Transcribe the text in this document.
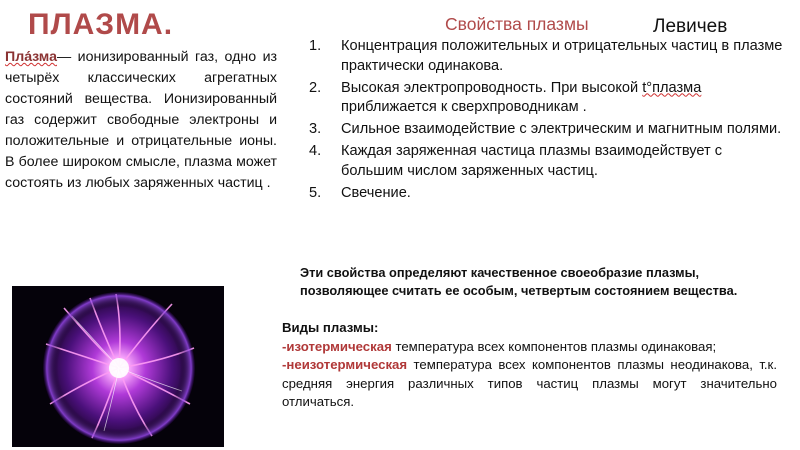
ПЛАЗМА.
Пла́зма— ионизированный газ, одно из четырёх классических агрегатных состояний вещества. Ионизированный газ содержит свободные электроны и положительные и отрицательные ионы. В более широком смысле, плазма может состоять из любых заряженных частиц .
Свойства плазмы	Левичев
1. Концентрация положительных и отрицательных частиц в плазме практически одинакова.
2. Высокая электропроводность. При высокой t°плазма приближается к сверхпроводникам .
3. Сильное взаимодействие с электрическим и магнитным полями.
4. Каждая заряженная частица плазмы взаимодействует с большим числом заряженных частиц.
5. Свечение.
Эти свойства определяют качественное своеобразие плазмы, позволяющее считать ее особым, четвертым состоянием вещества.
Виды плазмы:
-изотермическая температура всех компонентов плазмы одинаковая;
-неизотермическая температура всех компонентов плазмы неодинакова, т.к. средняя энергия различных типов частиц плазмы могут значительно отличаться.
